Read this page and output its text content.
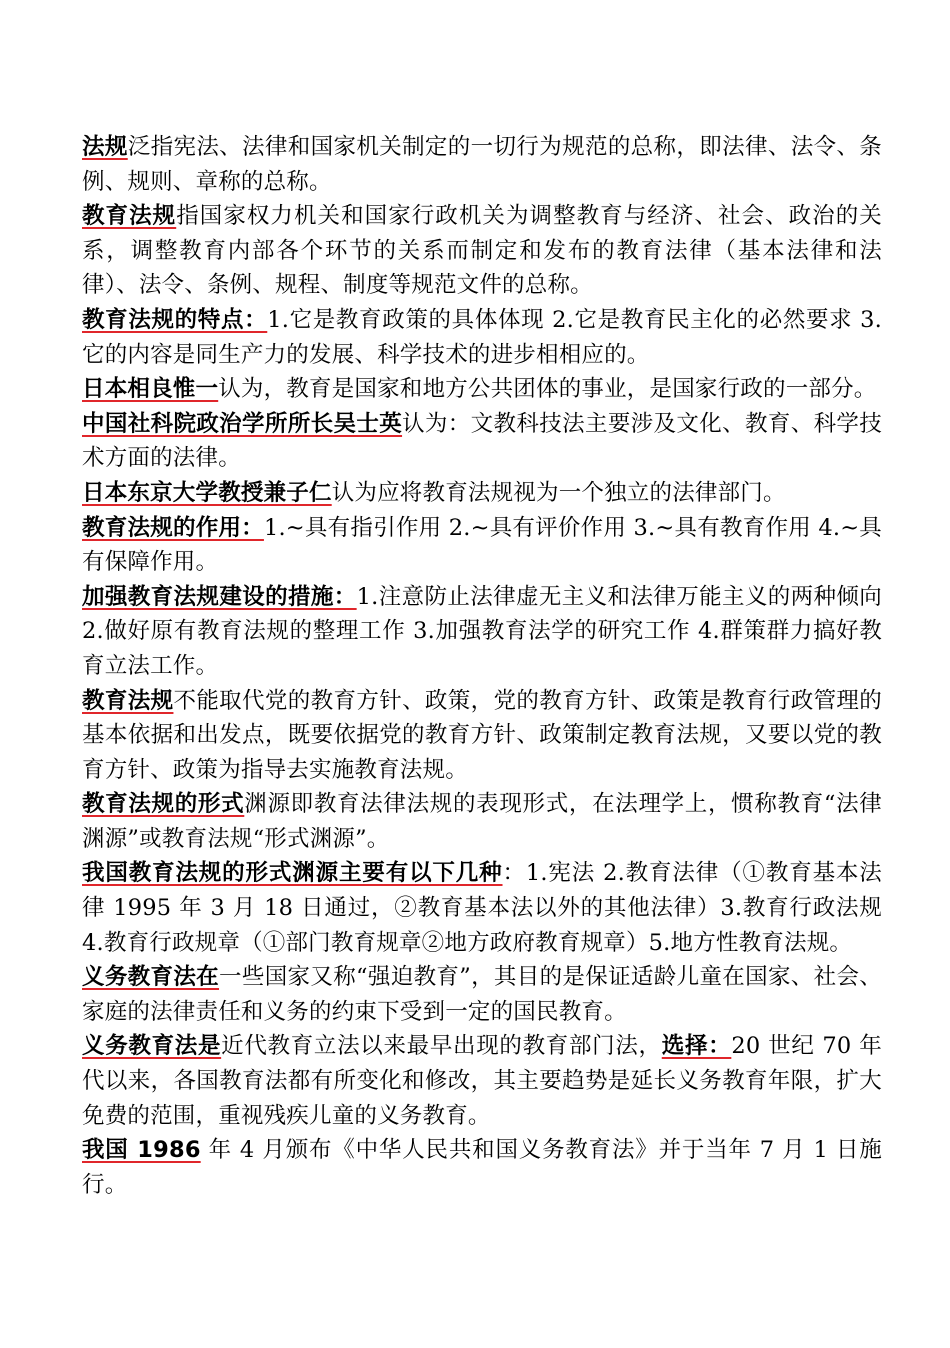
法规泛指宪法、法律和国家机关制定的一切行为规范的总称，即法律、法令、条例、规则、章称的总称。

教育法规指国家权力机关和国家行政机关为调整教育与经济、社会、政治的关系，调整教育内部各个环节的关系而制定和发布的教育法律（基本法律和法律）、法令、条例、规程、制度等规范文件的总称。

教育法规的特点：1.它是教育政策的具体体现 2.它是教育民主化的必然要求 3.它的内容是同生产力的发展、科学技术的进步相相应的。

日本相良惟一认为，教育是国家和地方公共团体的事业，是国家行政的一部分。

中国社科院政治学所所长吴士英认为：文教科技法主要涉及文化、教育、科学技术方面的法律。

日本东京大学教授兼子仁认为应将教育法规视为一个独立的法律部门。

教育法规的作用：1.~具有指引作用 2.~具有评价作用 3.~具有教育作用 4.~具有保障作用。

加强教育法规建设的措施：1.注意防止法律虚无主义和法律万能主义的两种倾向 2.做好原有教育法规的整理工作 3.加强教育法学的研究工作 4.群策群力搞好教育立法工作。

教育法规不能取代党的教育方针、政策，党的教育方针、政策是教育行政管理的基本依据和出发点，既要依据党的教育方针、政策制定教育法规，又要以党的教育方针、政策为指导去实施教育法规。

教育法规的形式渊源即教育法律法规的表现形式，在法理学上，惯称教育“法律渊源”或教育法规“形式渊源”。

我国教育法规的形式渊源主要有以下几种：1.宪法 2.教育法律（①教育基本法律 1995 年 3 月 18 日通过，②教育基本法以外的其他法律）3.教育行政法规 4.教育行政规章（①部门教育规章②地方政府教育规章）5.地方性教育法规。

义务教育法在一些国家又称“强迫教育”，其目的是保证适龄儿童在国家、社会、家庭的法律责任和义务的约束下受到一定的国民教育。

义务教育法是近代教育立法以来最早出现的教育部门法，选择：20 世纪 70 年代以来，各国教育法都有所变化和修改，其主要趋势是延长义务教育年限，扩大免费的范围，重视残疾儿童的义务教育。

我国 1986 年 4 月颁布《中华人民共和国义务教育法》并于当年 7 月 1 日施行。
